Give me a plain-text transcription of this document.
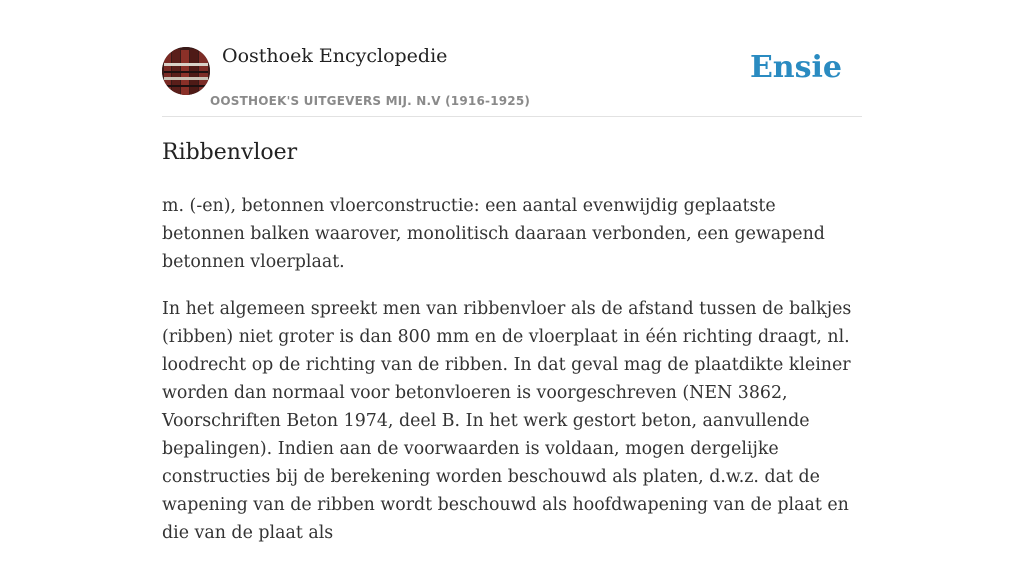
Oosthoek Encyclopedie
OOSTHOEK'S UITGEVERS MIJ. N.V (1916-1925)
Ensie
Ribbenvloer

m. (-en), betonnen vloerconstructie: een aantal evenwijdig geplaatste betonnen balken waarover, monolitisch daaraan verbonden, een gewapend betonnen vloerplaat.

In het algemeen spreekt men van ribbenvloer als de afstand tussen de balkjes (ribben) niet groter is dan 800 mm en de vloerplaat in één richting draagt, nl. loodrecht op de richting van de ribben. In dat geval mag de plaatdikte kleiner worden dan normaal voor betonvloeren is voorgeschreven (NEN 3862, Voorschriften Beton 1974, deel B. In het werk gestort beton, aanvullende bepalingen). Indien aan de voorwaarden is voldaan, mogen dergelijke constructies bij de berekening worden beschouwd als platen, d.w.z. dat de wapening van de ribben wordt beschouwd als hoofdwapening van de plaat en die van de plaat als
